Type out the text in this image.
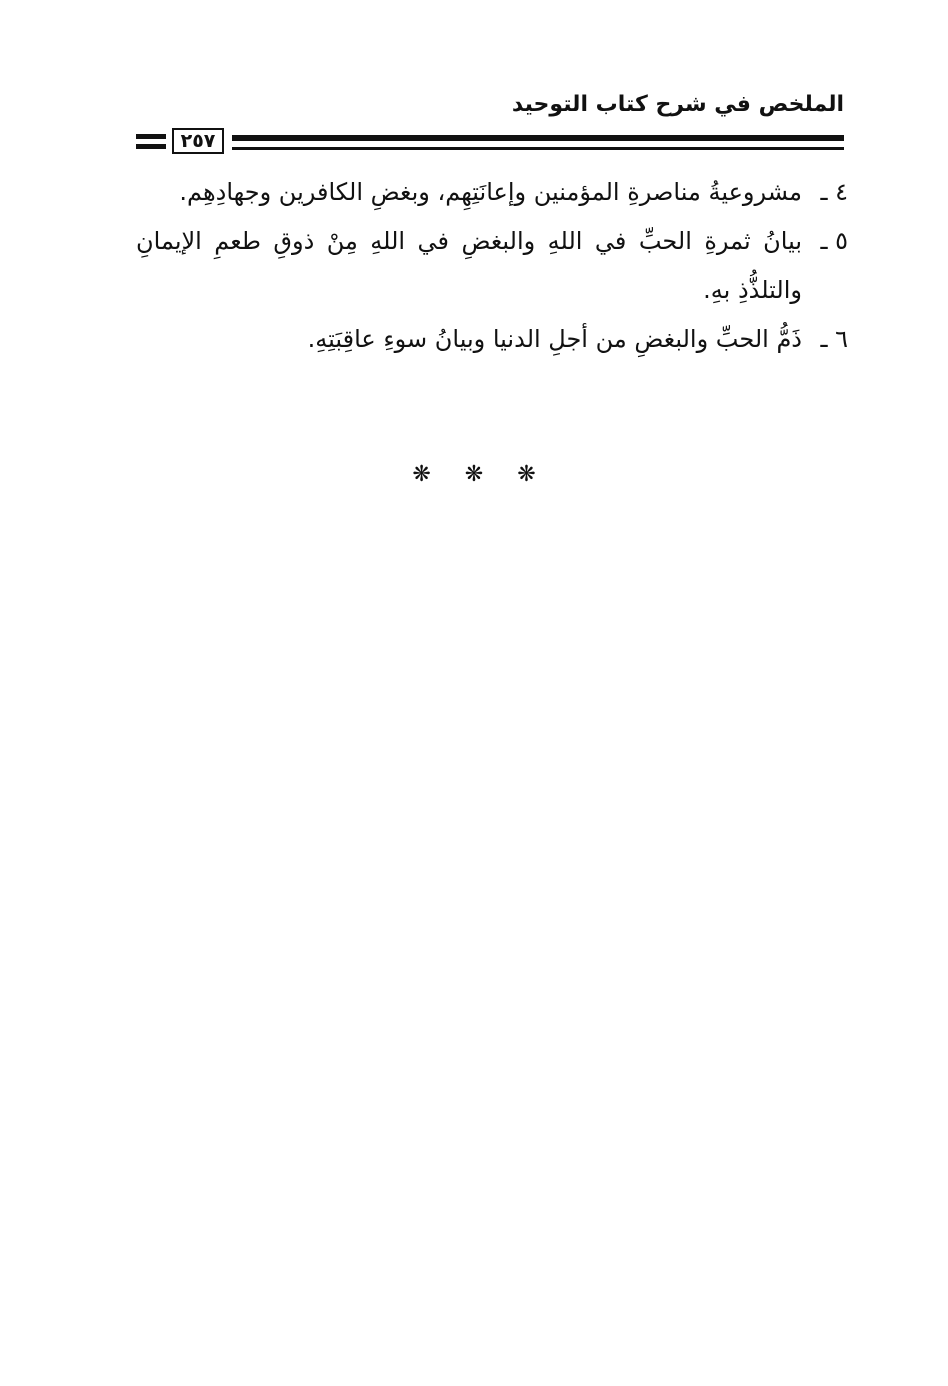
الملخص في شرح كتاب التوحيد
٢٥٧
٤ ـ
مشروعيةُ مناصرةِ المؤمنين وإعانَتِهِم، وبغضِ الكافرين وجهادِهِم.
٥ ـ
بيانُ ثمرةِ الحبِّ في اللهِ والبغضِ في اللهِ مِنْ ذوقِ طعمِ الإيمانِ والتلذُّذِ بهِ.
٦ ـ
ذَمُّ الحبِّ والبغضِ من أجلِ الدنيا وبيانُ سوءِ عاقِبَتِهِ.
❋ ❋ ❋
